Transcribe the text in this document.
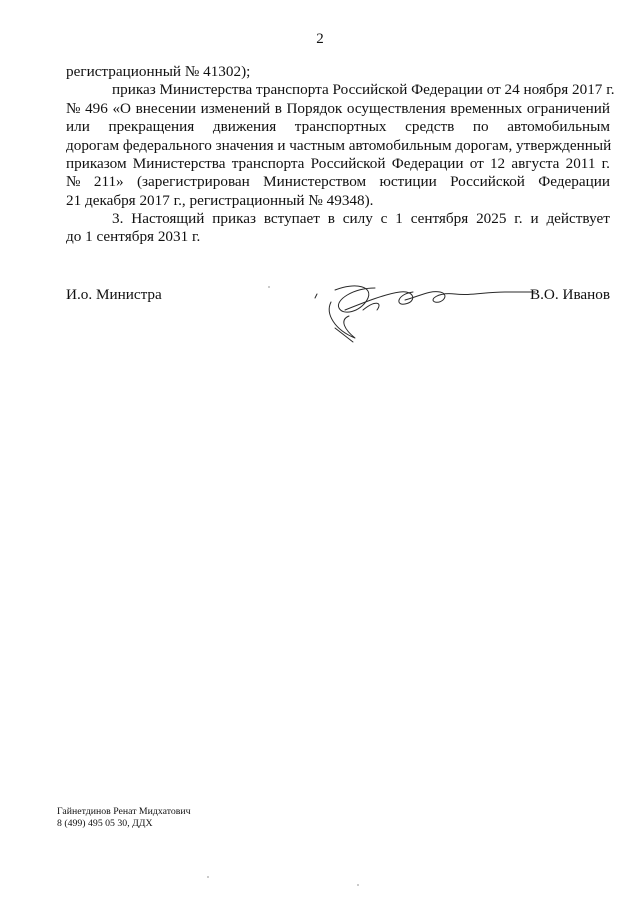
2
регистрационный № 41302);
приказ Министерства транспорта Российской Федерации от 24 ноября 2017 г.
№ 496 «О внесении изменений в Порядок осуществления временных ограничений
или прекращения движения транспортных средств по автомобильным
дорогам федерального значения и частным автомобильным дорогам, утвержденный
приказом Министерства транспорта Российской Федерации от 12 августа 2011 г.
№ 211» (зарегистрирован Министерством юстиции Российской Федерации
21 декабря 2017 г., регистрационный № 49348).
3. Настоящий приказ вступает в силу с 1 сентября 2025 г. и действует
до 1 сентября 2031 г.
И.о. Министра	В.О. Иванов
Гайнетдинов Ренат Мидхатович
8 (499) 495 05 30, ДДХ
